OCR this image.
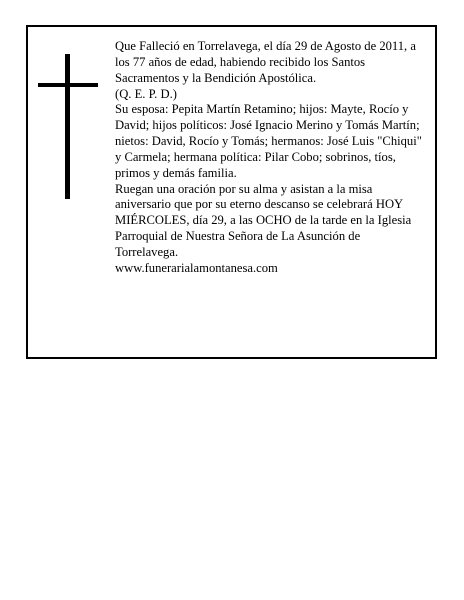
Que Falleció en Torrelavega, el día 29 de Agosto de 2011, a los 77 años de edad, habiendo recibido los Santos Sacramentos y la Bendición Apostólica.

(Q. E. P. D.)

Su esposa: Pepita Martín Retamino; hijos: Mayte, Rocío y David; hijos políticos: José Ignacio Merino y Tomás Martín; nietos: David, Rocío y Tomás; hermanos: José Luis "Chiqui" y Carmela; hermana política: Pilar Cobo; sobrinos, tíos, primos y demás familia.

Ruegan una oración por su alma y asistan a la misa aniversario que por su eterno descanso se celebrará HOY MIÉRCOLES, día 29, a las OCHO de la tarde en la Iglesia Parroquial de Nuestra Señora de La Asunción de Torrelavega.

www.funerarialamontanesa.com
